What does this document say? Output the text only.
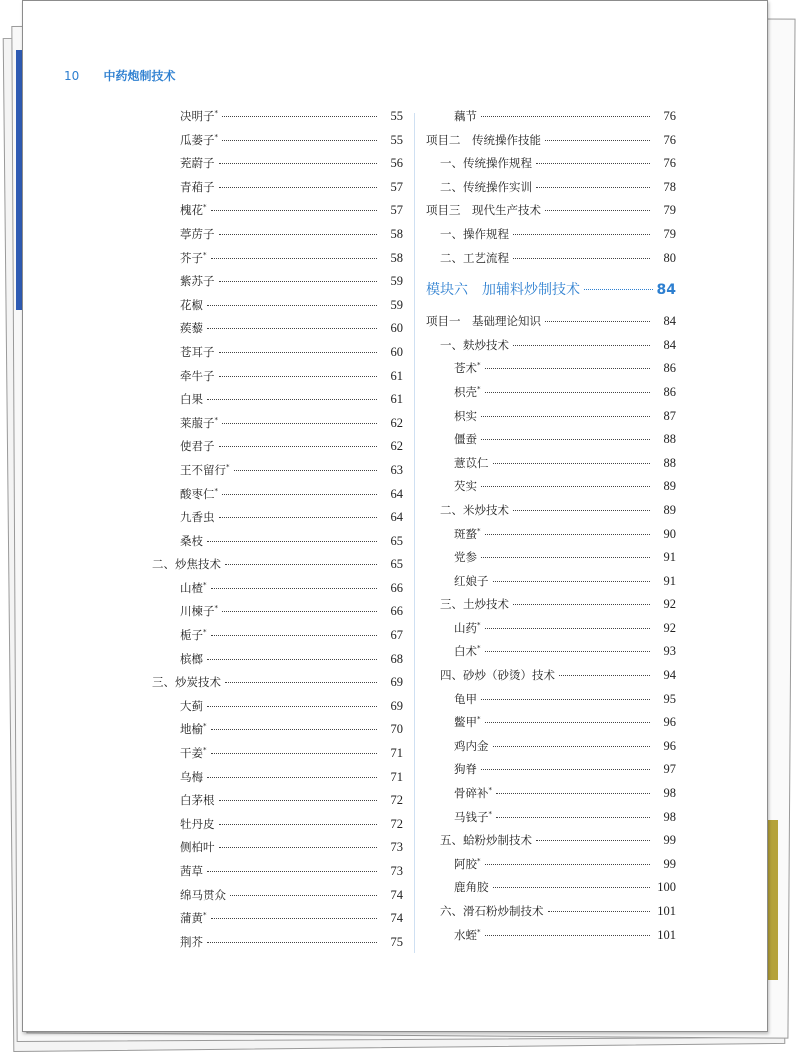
10 中药炮制技术
决明子*	55
瓜蒌子*	55
茺蔚子	56
青葙子	57
槐花*	57
葶苈子	58
芥子*	58
紫苏子	59
花椒	59
蒺藜	60
苍耳子	60
牵牛子	61
白果	61
莱菔子*	62
使君子	62
王不留行*	63
酸枣仁*	64
九香虫	64
桑枝	65
二、炒焦技术	65
山楂*	66
川楝子*	66
栀子*	67
槟榔	68
三、炒炭技术	69
大蓟	69
地榆*	70
干姜*	71
乌梅	71
白茅根	72
牡丹皮	72
侧柏叶	73
茜草	73
绵马贯众	74
蒲黄*	74
荆芥	75
藕节	76
项目二　传统操作技能	76
一、传统操作规程	76
二、传统操作实训	78
项目三　现代生产技术	79
一、操作规程	79
二、工艺流程	80
模块六　加辅料炒制技术	84
项目一　基础理论知识	84
一、麸炒技术	84
苍术*	86
枳壳*	86
枳实	87
僵蚕	88
薏苡仁	88
芡实	89
二、米炒技术	89
斑蝥*	90
党参	91
红娘子	91
三、土炒技术	92
山药*	92
白术*	93
四、砂炒（砂烫）技术	94
龟甲	95
鳖甲*	96
鸡内金	96
狗脊	97
骨碎补*	98
马钱子*	98
五、蛤粉炒制技术	99
阿胶*	99
鹿角胶	100
六、滑石粉炒制技术	101
水蛭*	101
